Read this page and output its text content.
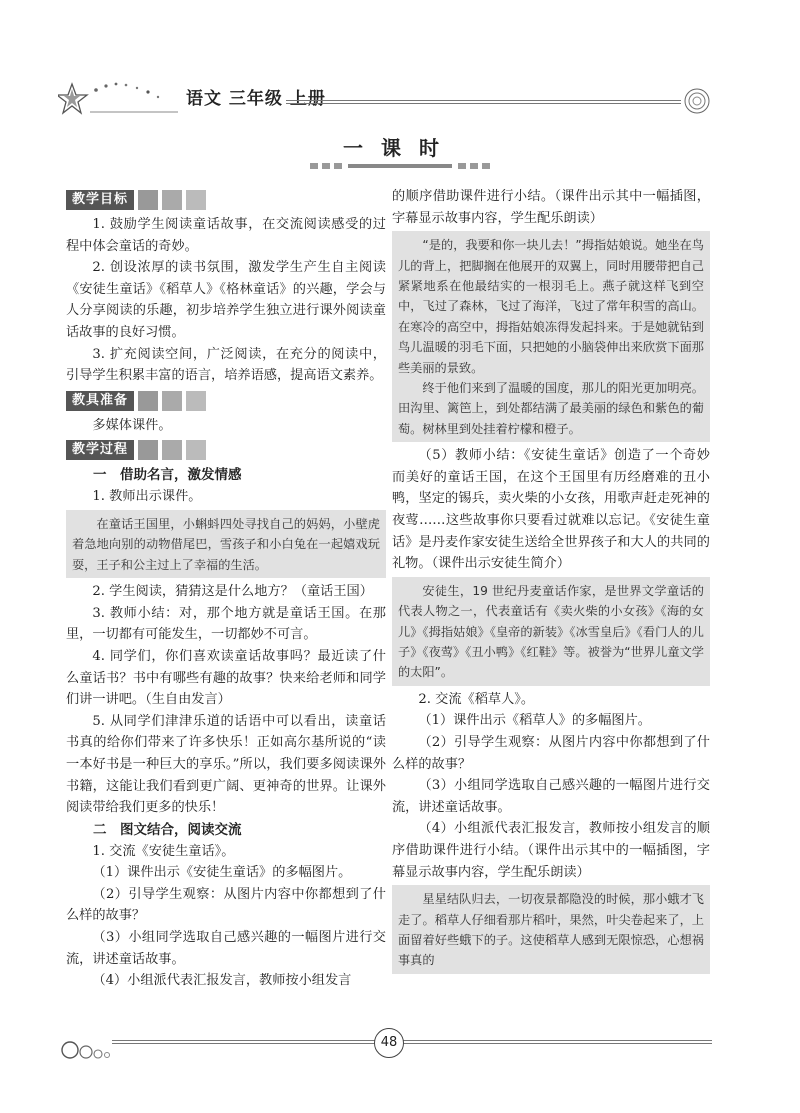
语文 三年级 上册
一课时
教学目标

1. 鼓励学生阅读童话故事，在交流阅读感受的过程中体会童话的奇妙。

2. 创设浓厚的读书氛围，激发学生产生自主阅读《安徒生童话》《稻草人》《格林童话》的兴趣，学会与人分享阅读的乐趣，初步培养学生独立进行课外阅读童话故事的良好习惯。

3. 扩充阅读空间，广泛阅读，在充分的阅读中，引导学生积累丰富的语言，培养语感，提高语文素养。

教具准备

多媒体课件。

教学过程
一　借助名言，激发情感

1. 教师出示课件。

在童话王国里，小蝌蚪四处寻找自己的妈妈，小壁虎着急地向别的动物借尾巴，雪孩子和小白兔在一起嬉戏玩耍，王子和公主过上了幸福的生活。

2. 学生阅读，猜猜这是什么地方？（童话王国）

3. 教师小结：对，那个地方就是童话王国。在那里，一切都有可能发生，一切都妙不可言。

4. 同学们，你们喜欢读童话故事吗？最近读了什么童话书？书中有哪些有趣的故事？快来给老师和同学们讲一讲吧。（生自由发言）

5. 从同学们津津乐道的话语中可以看出，读童话书真的给你们带来了许多快乐！正如高尔基所说的“读一本好书是一种巨大的享乐。”所以，我们要多阅读课外书籍，这能让我们看到更广阔、更神奇的世界。让课外阅读带给我们更多的快乐！

二　图文结合，阅读交流

1. 交流《安徒生童话》。

（1）课件出示《安徒生童话》的多幅图片。

（2）引导学生观察：从图片内容中你都想到了什么样的故事？

（3）小组同学选取自己感兴趣的一幅图片进行交流，讲述童话故事。

（4）小组派代表汇报发言，教师按小组发言

的顺序借助课件进行小结。（课件出示其中一幅插图，字幕显示故事内容，学生配乐朗读）

“是的，我要和你一块儿去！”拇指姑娘说。她坐在鸟儿的背上，把脚搁在他展开的双翼上，同时用腰带把自己紧紧地系在他最结实的一根羽毛上。燕子就这样飞到空中，飞过了森林，飞过了海洋，飞过了常年积雪的高山。在寒冷的高空中，拇指姑娘冻得发起抖来。于是她就钻到鸟儿温暖的羽毛下面，只把她的小脑袋伸出来欣赏下面那些美丽的景致。

终于他们来到了温暖的国度，那儿的阳光更加明亮。田沟里、篱笆上，到处都结满了最美丽的绿色和紫色的葡萄。树林里到处挂着柠檬和橙子。

（5）教师小结：《安徒生童话》创造了一个奇妙而美好的童话王国，在这个王国里有历经磨难的丑小鸭，坚定的锡兵，卖火柴的小女孩，用歌声赶走死神的夜莺……这些故事你只要看过就难以忘记。《安徒生童话》是丹麦作家安徒生送给全世界孩子和大人的共同的礼物。（课件出示安徒生简介）

安徒生，19 世纪丹麦童话作家，是世界文学童话的代表人物之一，代表童话有《卖火柴的小女孩》《海的女儿》《拇指姑娘》《皇帝的新装》《冰雪皇后》《看门人的儿子》《夜莺》《丑小鸭》《红鞋》等。被誉为“世界儿童文学的太阳”。

2. 交流《稻草人》。

（1）课件出示《稻草人》的多幅图片。

（2）引导学生观察：从图片内容中你都想到了什么样的故事？

（3）小组同学选取自己感兴趣的一幅图片进行交流，讲述童话故事。

（4）小组派代表汇报发言，教师按小组发言的顺序借助课件进行小结。（课件出示其中的一幅插图，字幕显示故事内容，学生配乐朗读）

星星结队归去，一切夜景都隐没的时候，那小蛾才飞走了。稻草人仔细看那片稻叶，果然，叶尖卷起来了，上面留着好些蛾下的子。这使稻草人感到无限惊恐，心想祸事真的

48
